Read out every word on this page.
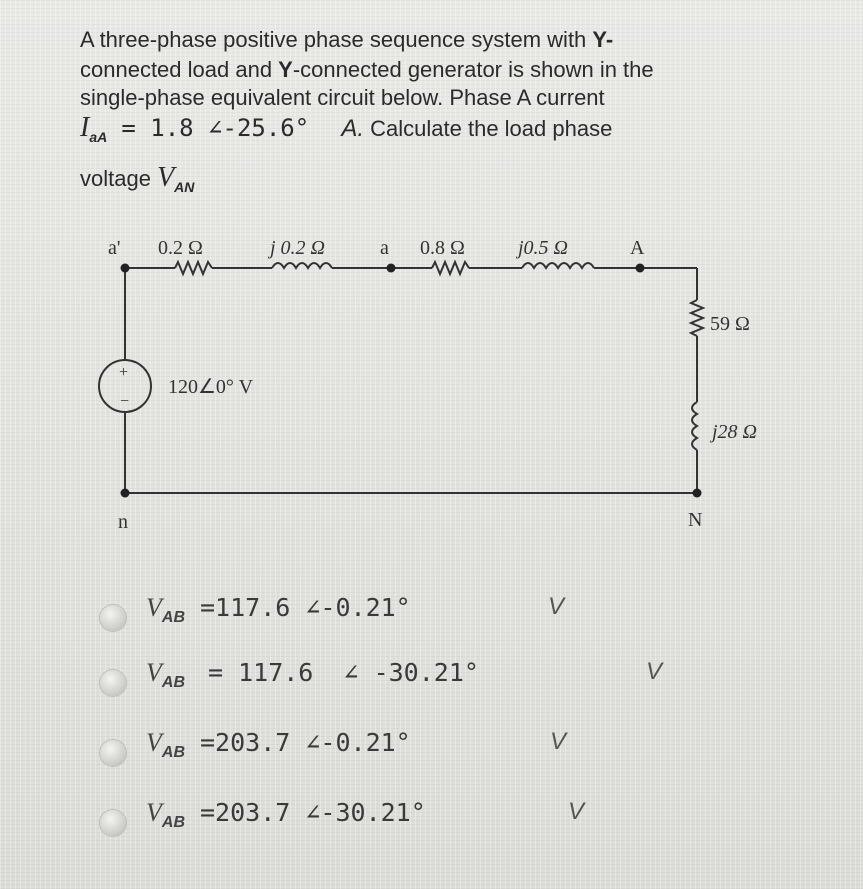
A three-phase positive phase sequence system with Y-
connected load and Y-connected generator is shown in the
single-phase equivalent circuit below. Phase A current
$I_{aA} = 1.8$ ∠-25.6° A. Calculate the load phase
voltage $V_{AN}$
a' 0.2 Ω	j 0.2 Ω	a 0.8 Ω	j0.5 Ω	A
59 Ω
j28 Ω
120∠0° V
n	N
+
−
$V_{AB} =117.6$ ∠-0.21°	V
$V_{AB} = 117.6$  ∠ -30.21°	V
$V_{AB} =203.7$ ∠-0.21°	V
$V_{AB} =203.7$ ∠-30.21°	V
